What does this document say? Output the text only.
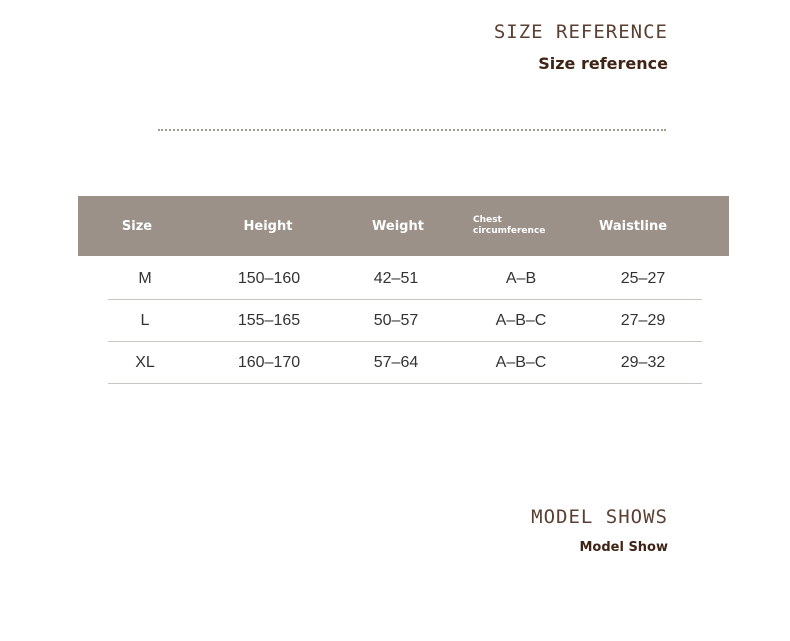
SIZE REFERENCE
Size reference
Size	Height	Weight	Chest circumference	Waistline
M	150–160	42–51	A–B	25–27
L	155–165	50–57	A–B–C	27–29
XL	160–170	57–64	A–B–C	29–32
MODEL SHOWS
Model Show
